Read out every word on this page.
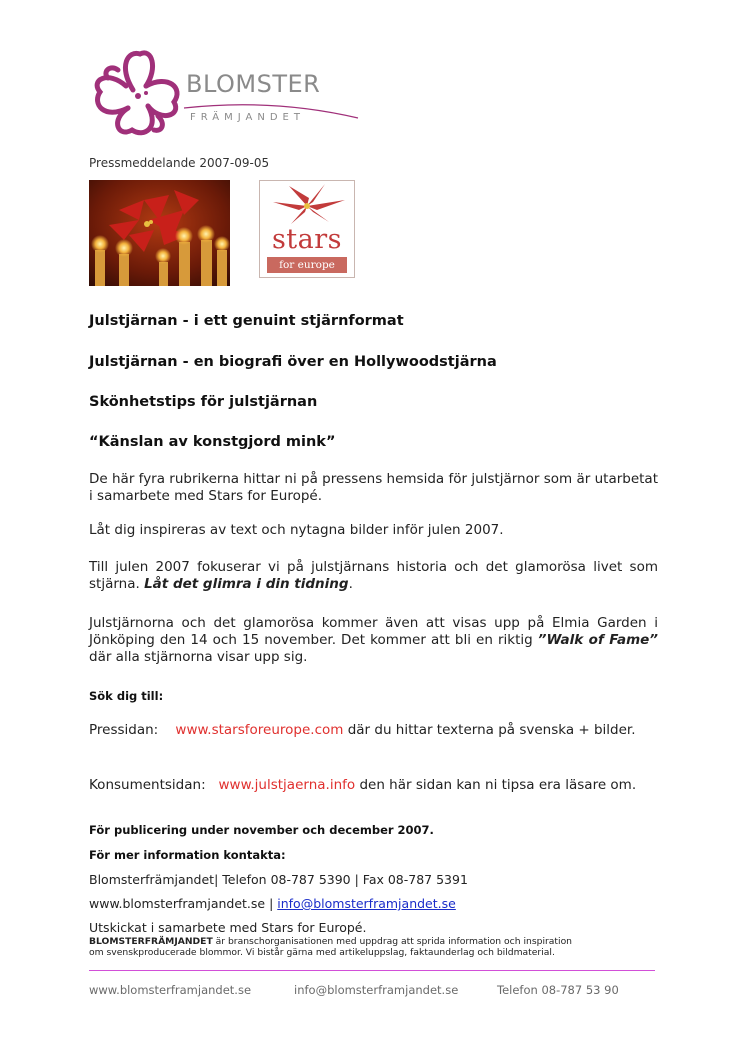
BLOMSTER
FRÄMJANDET
Pressmeddelande 2007-09-05
stars
for europe
Julstjärnan - i ett genuint stjärnformat
Julstjärnan - en biografi över en Hollywoodstjärna
Skönhetstips för julstjärnan
“Känslan av konstgjord mink”
De här fyra rubrikerna hittar ni på pressens hemsida för julstjärnor som är utarbetat i samarbete med Stars for Europé.
Låt dig inspireras av text och nytagna bilder inför julen 2007.
Till julen 2007 fokuserar vi på julstjärnans historia och det glamorösa livet som stjärna. Låt det glimra i din tidning.
Julstjärnorna och det glamorösa kommer även att visas upp på Elmia Garden i Jönköping den 14 och 15 november. Det kommer att bli en riktig ”Walk of Fame” där alla stjärnorna visar upp sig.
Sök dig till:
Pressidan: www.starsforeurope.com där du hittar texterna på svenska + bilder.
Konsumentsidan: www.julstjaerna.info den här sidan kan ni tipsa era läsare om.
För publicering under november och december 2007.
För mer information kontakta:
Blomsterfrämjandet| Telefon 08-787 5390 | Fax 08-787 5391
www.blomsterframjandet.se | info@blomsterframjandet.se
Utskickat i samarbete med Stars for Europé.
BLOMSTERFRÄMJANDET är branschorganisationen med uppdrag att sprida information och inspiration
om svenskproducerade blommor. Vi bistår gärna med artikeluppslag, faktaunderlag och bildmaterial.
www.blomsterframjandet.se	info@blomsterframjandet.se	Telefon 08-787 53 90
